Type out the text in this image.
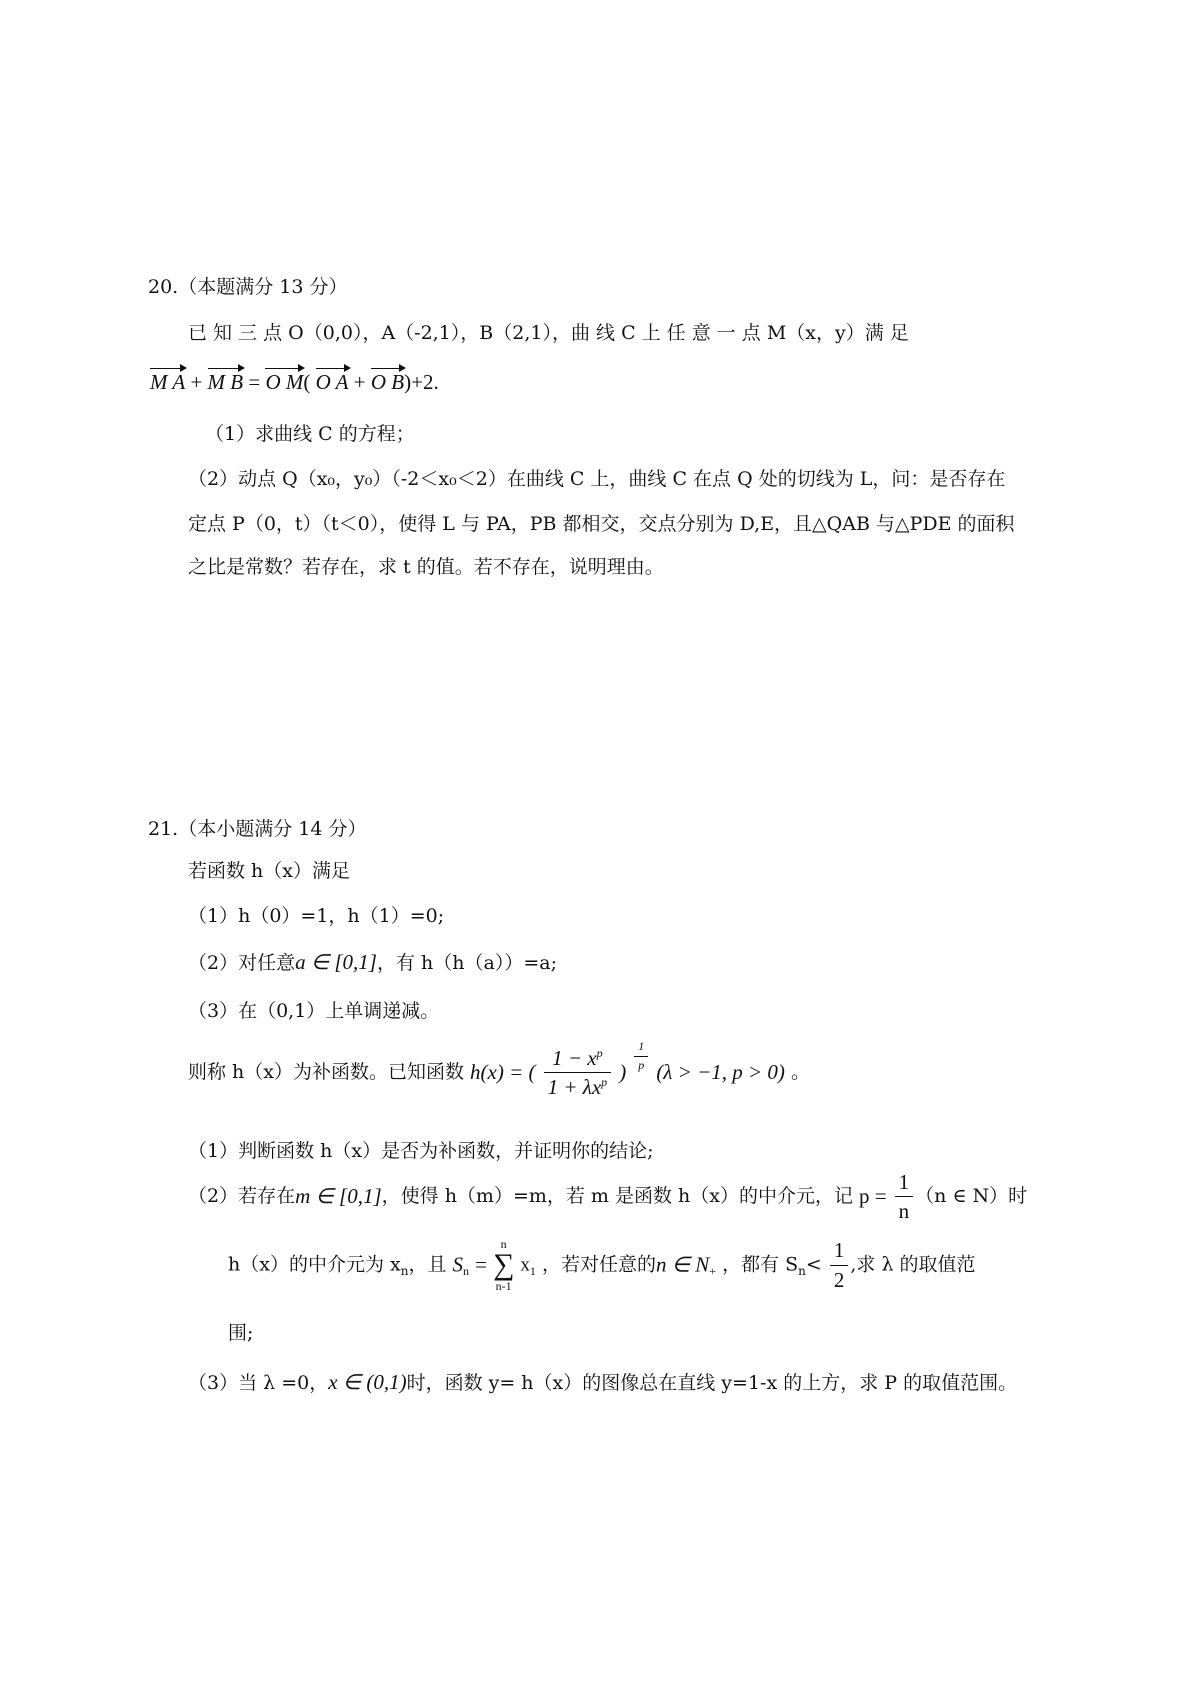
20.（本题满分 13 分）
已 知 三 点 O（0,0），A（-2,1），B（2,1），曲 线 C 上 任 意 一 点 M（x，y）满 足
M A + M B = O M( O A + O B)+2.
（1）求曲线 C 的方程；
（2）动点 Q（x₀，y₀）（-2＜x₀＜2）在曲线 C 上，曲线 C 在点 Q 处的切线为 L，问：是否存在
定点 P（0，t）（t＜0），使得 L 与 PA，PB 都相交，交点分别为 D,E，且△QAB 与△PDE 的面积
之比是常数？若存在，求 t 的值。若不存在，说明理由。
21.（本小题满分 14 分）
若函数 h（x）满足
（1）h（0）=1，h（1）=0;
（2）对任意a ∈ [0,1]，有 h（h（a））=a;
（3）在（0,1）上单调递减。
则称 h（x）为补函数。已知函数 h(x) = ( $\frac{1 - x^p}{1 + \lambda x^p}$ ) $\frac{1}{p} (\lambda > -1$, p > 0) 。
（1）判断函数 h（x）是否为补函数，并证明你的结论;
（2）若存在m ∈ [0,1]，使得 h（m）=m，若 m 是函数 h（x）的中介元，记 $p = \frac{1}{n} (n$ ∈ N）时
h（x）的中介元为 $x_n$，且 $S_n$ =
n
∑
n-1
$x_1$ ，若对任意的n ∈ $N_+$ ，都有 $S_n< \frac{1}{2}$ ,求 λ 的取值范
围;
（3）当 λ =0，x ∈ (0,1)时，函数 y= h（x）的图像总在直线 y=1-x 的上方，求 P 的取值范围。
